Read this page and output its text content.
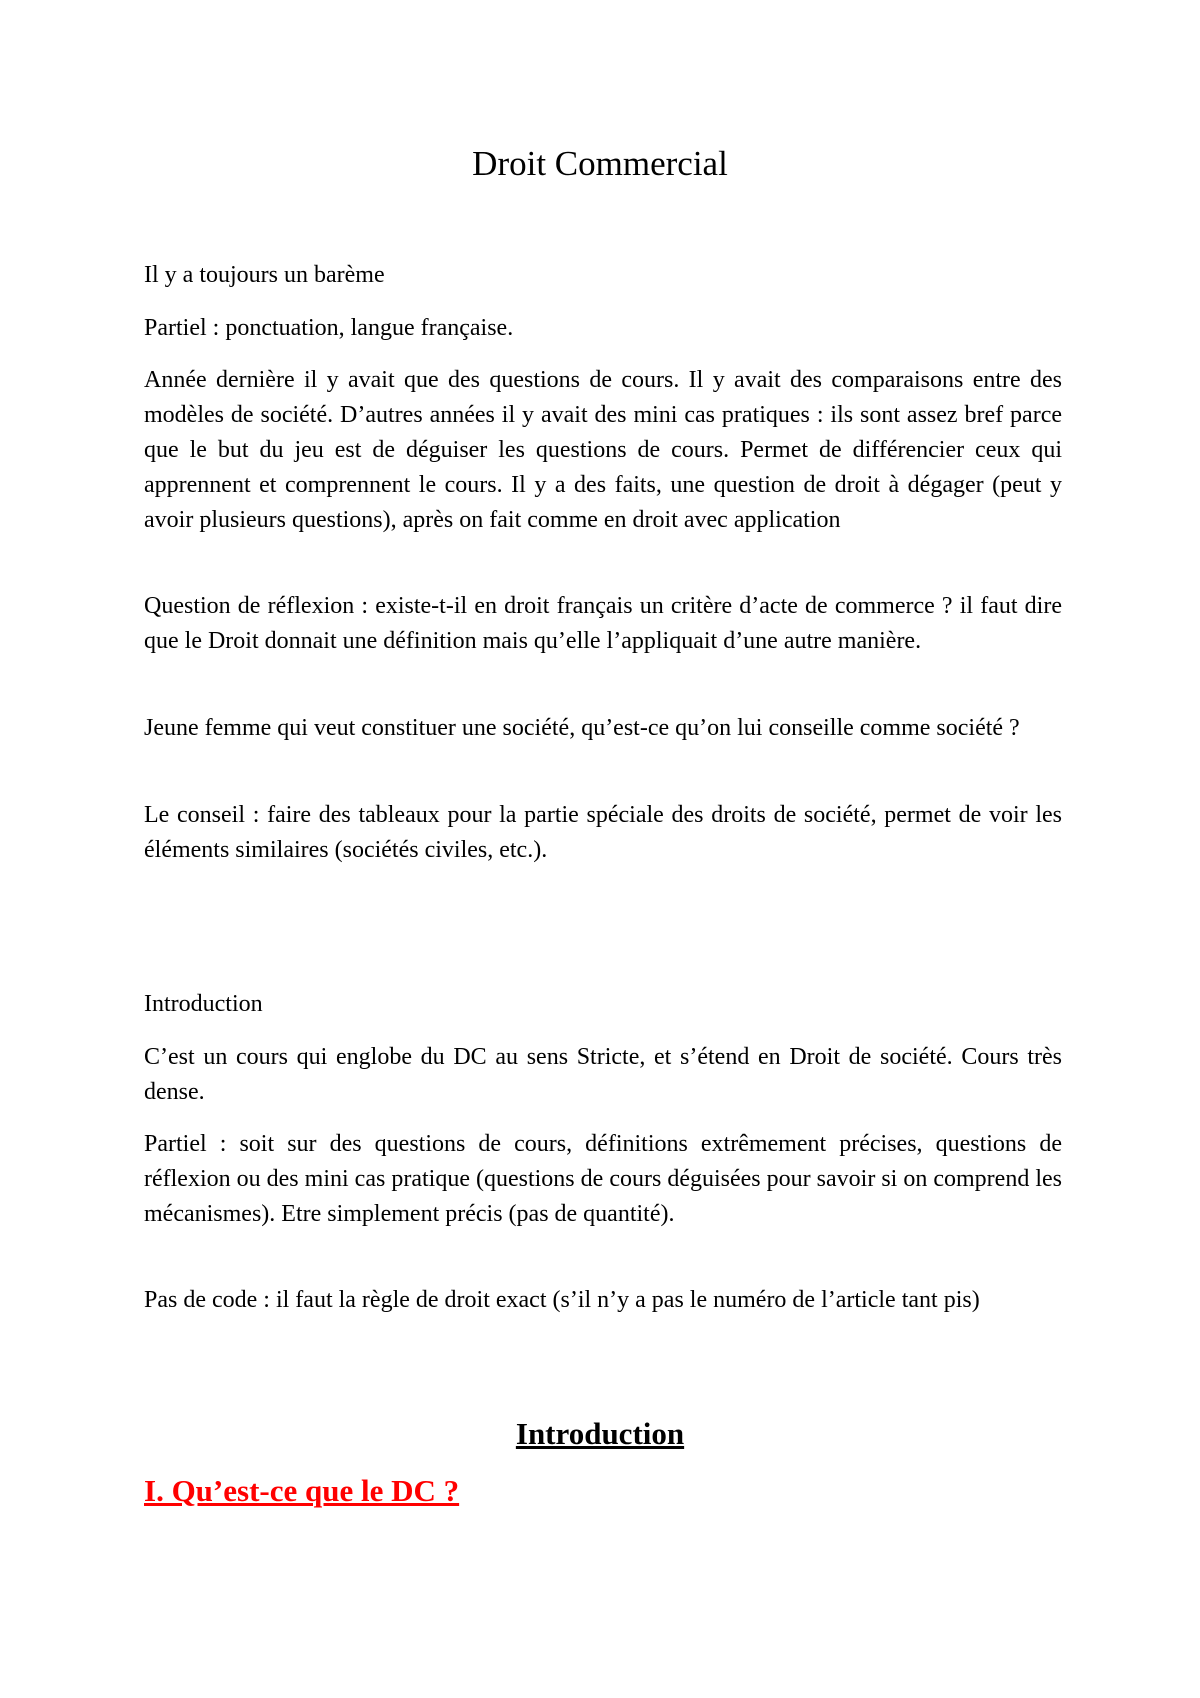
Droit Commercial

Il y a toujours un barème

Partiel : ponctuation, langue française.

Année dernière il y avait que des questions de cours. Il y avait des comparaisons entre des modèles de société. D’autres années il y avait des mini cas pratiques : ils sont assez bref parce que le but du jeu est de déguiser les questions de cours. Permet de différencier ceux qui apprennent et comprennent le cours. Il y a des faits, une question de droit à dégager (peut y avoir plusieurs questions), après on fait comme en droit avec application

Question de réflexion : existe-t-il en droit français un critère d’acte de commerce ? il faut dire que le Droit donnait une définition mais qu’elle l’appliquait d’une autre manière.

Jeune femme qui veut constituer une société, qu’est-ce qu’on lui conseille comme société ?

Le conseil : faire des tableaux pour la partie spéciale des droits de société, permet de voir les éléments similaires (sociétés civiles, etc.).

Introduction

C’est un cours qui englobe du DC au sens Stricte, et s’étend en Droit de société. Cours très dense.

Partiel : soit sur des questions de cours, définitions extrêmement précises, questions de réflexion ou des mini cas pratique (questions de cours déguisées pour savoir si on comprend les mécanismes). Etre simplement précis (pas de quantité).

Pas de code : il faut la règle de droit exact (s’il n’y a pas le numéro de l’article tant pis)

Introduction
I. Qu’est-ce que le DC ?
